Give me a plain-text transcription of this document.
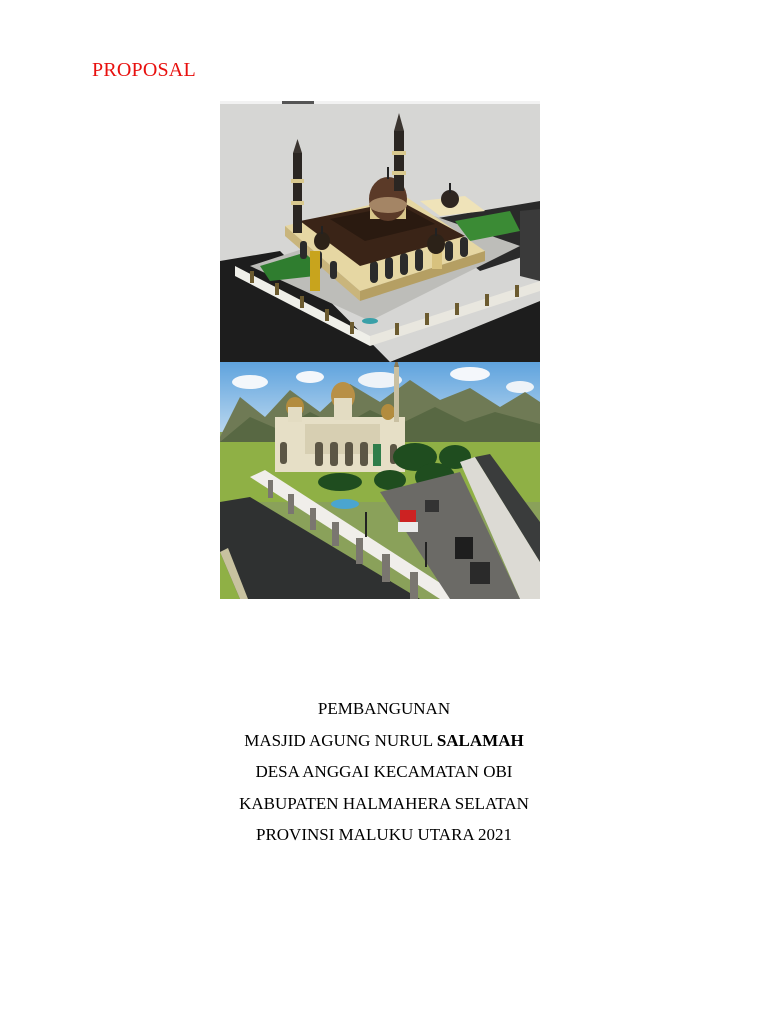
PROPOSAL
PEMBANGUNAN
MASJID AGUNG NURUL SALAMAH
DESA ANGGAI KECAMATAN OBI
KABUPATEN HALMAHERA SELATAN
PROVINSI MALUKU UTARA 2021
